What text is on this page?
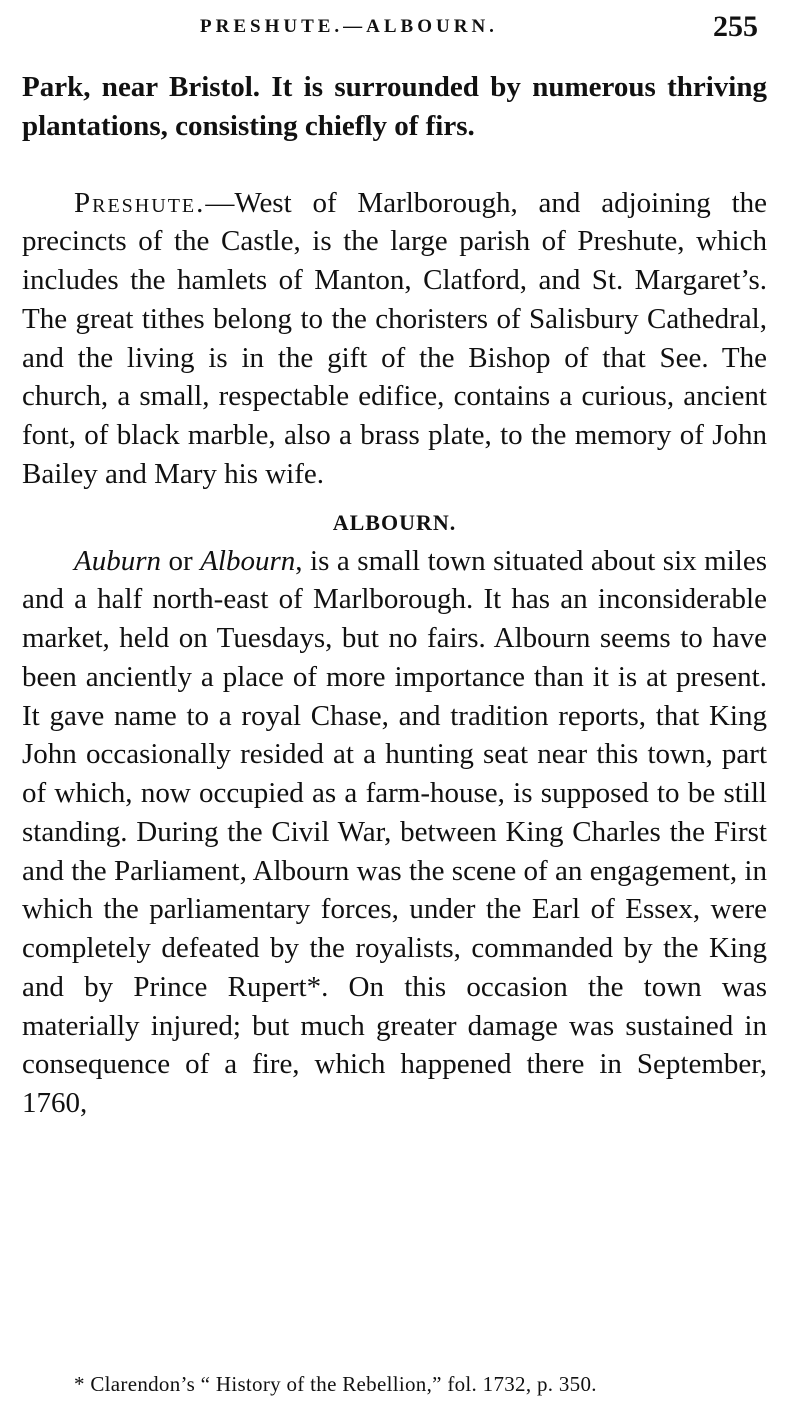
PRESHUTE.—ALBOURN.	255

Park, near Bristol. It is surrounded by numerous thriving plantations, consisting chiefly of firs.

Preshute.—West of Marlborough, and adjoining the precincts of the Castle, is the large parish of Preshute, which includes the hamlets of Manton, Clatford, and St. Margaret’s. The great tithes belong to the choristers of Salisbury Cathedral, and the living is in the gift of the Bishop of that See. The church, a small, respectable edifice, contains a curious, ancient font, of black marble, also a brass plate, to the memory of John Bailey and Mary his wife.

ALBOURN.

Auburn or Albourn, is a small town situated about six miles and a half north-east of Marlborough. It has an inconsiderable market, held on Tuesdays, but no fairs. Albourn seems to have been anciently a place of more importance than it is at present. It gave name to a royal Chase, and tradition reports, that King John occasionally resided at a hunting seat near this town, part of which, now occupied as a farm-house, is supposed to be still standing. During the Civil War, between King Charles the First and the Parliament, Albourn was the scene of an engagement, in which the parliamentary forces, under the Earl of Essex, were completely defeated by the royalists, commanded by the King and by Prince Rupert*. On this occasion the town was materially injured; but much greater damage was sustained in consequence of a fire, which happened there in September, 1760,

* Clarendon’s “ History of the Rebellion,” fol. 1732, p. 350.
